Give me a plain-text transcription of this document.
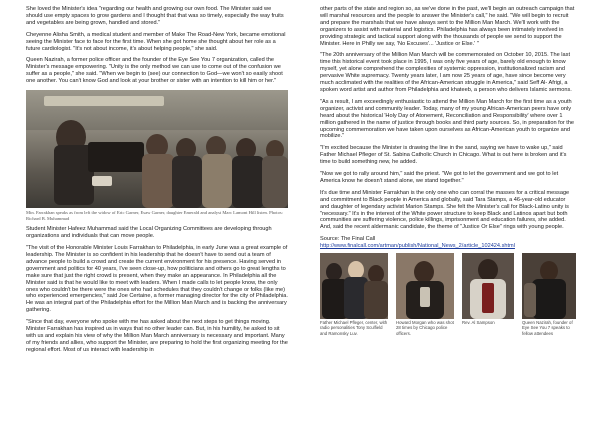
She loved the Minister's idea "regarding our health and growing our own food. The Minister said we should use empty spaces to grow gardens and I thought that that was so timely, especially the way fruits and vegetables are being grown, handled and stored."

Cheyenne Alisha Smith, a medical student and member of Make The Road-New York, became emotional seeing the Minister face to face for the first time. When she got home she thought about her role as a future cardiologist. "It's not about income, it's about helping people," she said.

Queen Nazirah, a former police officer and the founder of the Eye See You 7 organization, called the Minister's message empowering. "Unity is the only method we can use to come out of the confusion we suffer as a people," she said. "When we begin to (see) our connection to God—we won't so easily shoot one another. You can't know God and look at your brother or sister with an intention to kill him or her."

Min. Farrakhan speaks as from left the widow of Eric Garner, Esaw Garner, daughter Emerald and analyst Marc Lamont Hill listen. Photos: Richard B. Muhammad

Student Minister Hafeez Muhammad said the Local Organizing Committees are developing through organizations and individuals that can move people.

"The visit of the Honorable Minister Louis Farrakhan to Philadelphia, in early June was a great example of leadership. The Minister is so confident in his leadership that he doesn't have to send out a team of advance people to build a crowd and create the current environment for his presence. Having served in government and politics for 40 years, I've seen close-up, how politicians and others go to great lengths to make sure that just the right crowd is present, when they make an appearance. In Philadelphia all the Minister said is that he would like to meet with leaders. When I made calls to let people know, the only ones who couldn't be there were the ones who had schedules that they couldn't change or folks (like me) who experienced emergencies," said Joe Certaine, a former managing director for the city of Philadelphia. He was an integral part of the Philadelphia effort for the Million Man March and is backing the anniversary gathering.

"Since that day, everyone who spoke with me has asked about the next steps to get things moving. Minister Farrakhan has inspired us in ways that no other leader can. But, in his humility, he asked to sit with us and explain his view of why the Million Man March anniversary is necessary and important. Many of my friends and allies, who support the Minister, are preparing to hold the first organizing meeting for the regional effort. Most of us interact with leadership in

other parts of the state and region so, as we've done in the past, we'll begin an outreach campaign that will marshal resources and the people to answer the Minister's call," he said. "We will begin to recruit and prepare the marshals that we have always sent to the Million Man March. We'll work with the organizers to assist with material and logistics. Philadelphia has always been intimately involved in providing strategic and tactical support along with the thousands of people we send to support the Minister. Here in Philly we say, 'No Excuses'... 'Justice or Else.' "

"The 20th anniversary of the Million Man March will be commemorated on October 10, 2015. The last time this historical event took place in 1995, I was only five years of age, barely old enough to know myself, yet alone comprehend the complexities of systemic oppression, institutionalized racism and pervasive White supremacy. Twenty years later, I am now 25 years of age, have since become very much acclimated with the realities of the African-American struggle in America," said Seff Al- Afrigi, a spoken word artist and author from Philadelphia and khateeb, a person who delivers Islamic sermons.

"As a result, I am exceedingly enthusiastic to attend the Million Man March for the first time as a youth organizer, activist and community leader. Today, many of my young African-American peers have only heard about the historical 'Holy Day of Atonement, Reconciliation and Responsibility' where over 1 million gathered in the name of justice through books and third party sources. So, in preparation for the upcoming commemoration we have taken upon ourselves as African-American youth to organize and mobilize."

"I'm excited because the Minister is drawing the line in the sand, saying we have to wake up," said Father Michael Pfleger of St. Sabina Catholic Church in Chicago. What is out here is broken and it's time to build something new, he added.

"Now we got to rally around him," said the priest. "We got to let the government and we got to let America know he doesn't stand alone, we stand together."

It's due time and Minister Farrakhan is the only one who can corral the masses for a critical message and commitment to Black people in America and globally, said Tara Stamps, a 46-year-old educator and daughter of legendary activist Marion Stamps. She felt the Minister's call for Black-Latino unity is "necessary." It's in the interest of the White power structure to keep Black and Latinos apart but both communities are suffering violence, police killings, imprisonment and education failures, she added. And, said the recent aldermanic candidate, the theme of "Justice Or Else" rings with young people.

Source: The Final Call

http://www.finalcall.com/artman/publish/National_News_2/article_102424.shtml
Father Michael Pfleger, center, with radio personalities Tony Sculfield and Ramonsky Luv.
Howard Morgan who was shot 28 times by Chicago police officers.
Rev. Al Sampson	Queen Nazirah, founder of Eye See You 7 speaks to fellow attendees
